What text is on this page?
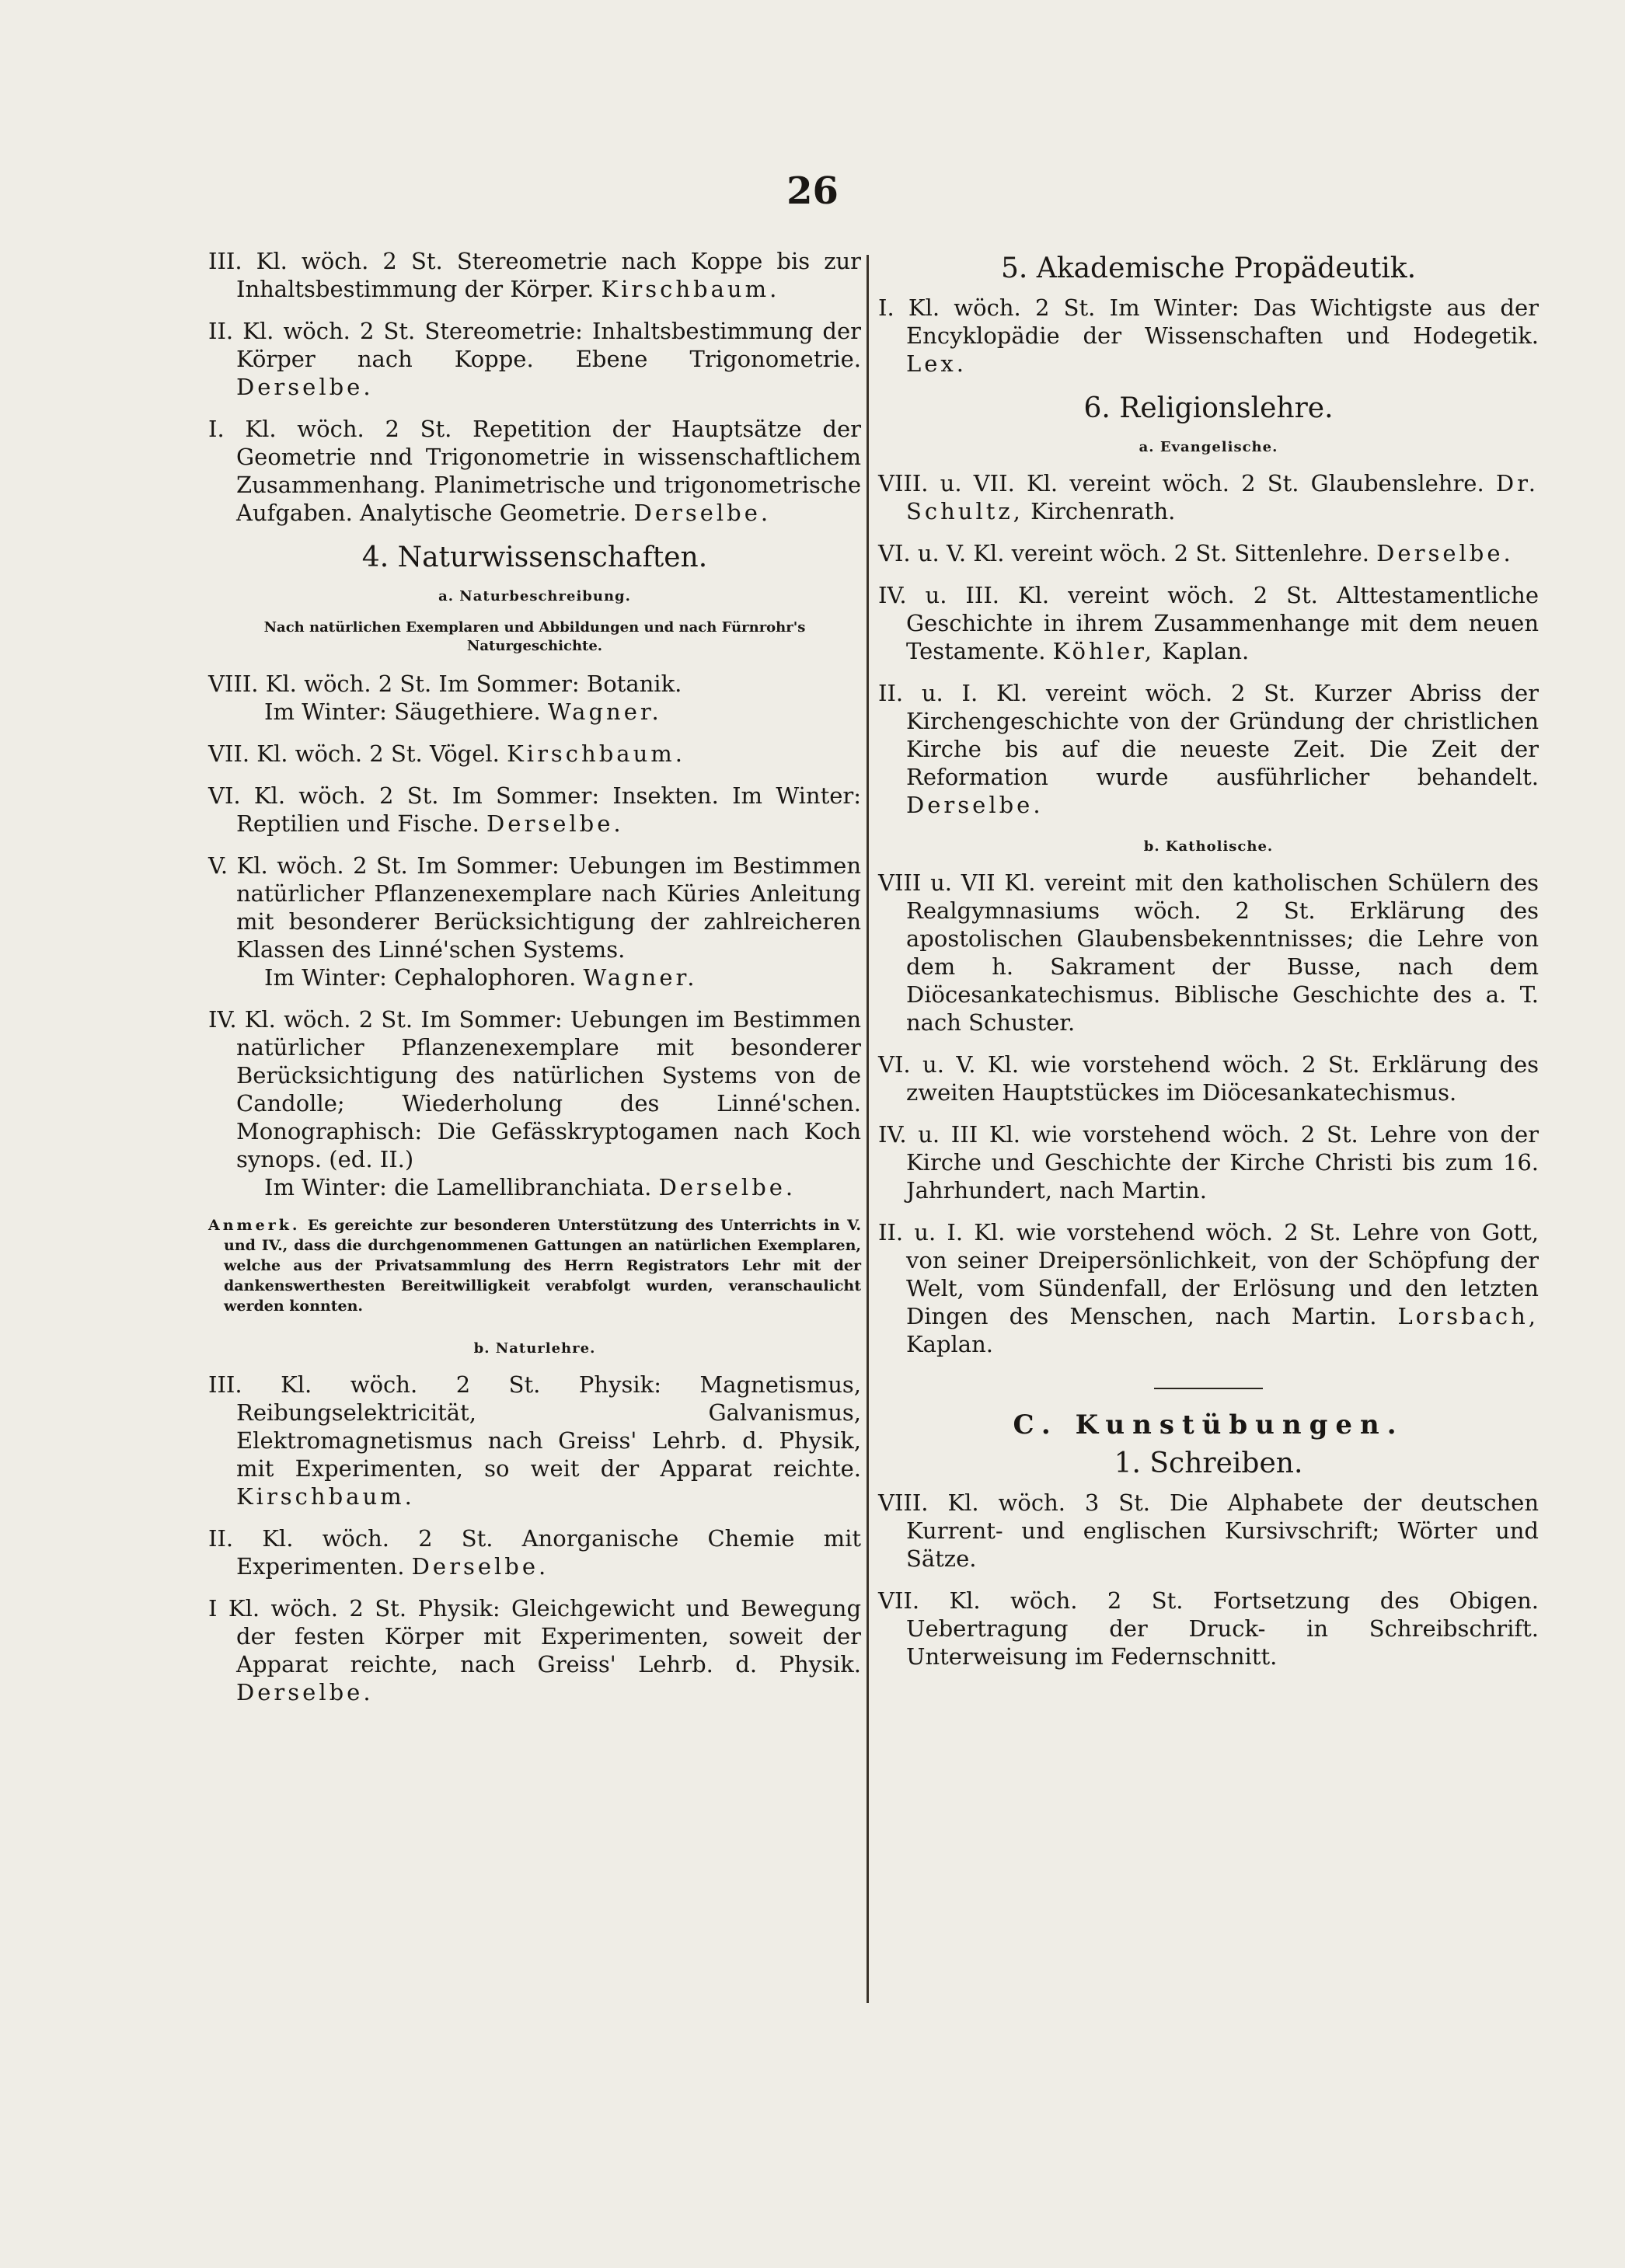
26

III. Kl. wöch. 2 St. Stereometrie nach Koppe bis zur Inhaltsbestimmung der Körper. Kirschbaum.

II. Kl. wöch. 2 St. Stereometrie: Inhaltsbestimmung der Körper nach Koppe. Ebene Trigonometrie. Derselbe.

I. Kl. wöch. 2 St. Repetition der Hauptsätze der Geometrie nnd Trigonometrie in wissenschaftlichem Zusammenhang. Planimetrische und trigonometrische Aufgaben. Analytische Geometrie. Derselbe.

4. Naturwissenschaften.
a. Naturbeschreibung.
Nach natürlichen Exemplaren und Abbildungen und nach Fürnrohr's Naturgeschichte.

VIII. Kl. wöch. 2 St. Im Sommer: Botanik.
Im Winter: Säugethiere. Wagner.

VII. Kl. wöch. 2 St. Vögel. Kirschbaum.

VI. Kl. wöch. 2 St. Im Sommer: Insekten. Im Winter: Reptilien und Fische. Derselbe.

V. Kl. wöch. 2 St. Im Sommer: Uebungen im Bestimmen natürlicher Pflanzenexemplare nach Küries Anleitung mit besonderer Berücksichtigung der zahlreicheren Klassen des Linné'schen Systems.
Im Winter: Cephalophoren. Wagner.

IV. Kl. wöch. 2 St. Im Sommer: Uebungen im Bestimmen natürlicher Pflanzenexemplare mit besonderer Berücksichtigung des natürlichen Systems von de Candolle; Wiederholung des Linné'schen. Monographisch: Die Gefässkryptogamen nach Koch synops. (ed. II.)
Im Winter: die Lamellibranchiata. Derselbe.

Anmerk. Es gereichte zur besonderen Unterstützung des Unterrichts in V. und IV., dass die durchgenommenen Gattungen an natürlichen Exemplaren, welche aus der Privatsammlung des Herrn Registrators Lehr mit der dankenswerthesten Bereitwilligkeit verabfolgt wurden, veranschaulicht werden konnten.

b. Naturlehre.

III. Kl. wöch. 2 St. Physik: Magnetismus, Reibungselektricität, Galvanismus, Elektromagnetismus nach Greiss' Lehrb. d. Physik, mit Experimenten, so weit der Apparat reichte. Kirschbaum.

II. Kl. wöch. 2 St. Anorganische Chemie mit Experimenten. Derselbe.

I Kl. wöch. 2 St. Physik: Gleichgewicht und Bewegung der festen Körper mit Experimenten, soweit der Apparat reichte, nach Greiss' Lehrb. d. Physik. Derselbe.

5. Akademische Propädeutik.

I. Kl. wöch. 2 St. Im Winter: Das Wichtigste aus der Encyklopädie der Wissenschaften und Hodegetik. Lex.

6. Religionslehre.
a. Evangelische.

VIII. u. VII. Kl. vereint wöch. 2 St. Glaubenslehre. Dr. Schultz, Kirchenrath.

VI. u. V. Kl. vereint wöch. 2 St. Sittenlehre. Derselbe.

IV. u. III. Kl. vereint wöch. 2 St. Alttestamentliche Geschichte in ihrem Zusammenhange mit dem neuen Testamente. Köhler, Kaplan.

II. u. I. Kl. vereint wöch. 2 St. Kurzer Abriss der Kirchengeschichte von der Gründung der christlichen Kirche bis auf die neueste Zeit. Die Zeit der Reformation wurde ausführlicher behandelt. Derselbe.

b. Katholische.

VIII u. VII Kl. vereint mit den katholischen Schülern des Realgymnasiums wöch. 2 St. Erklärung des apostolischen Glaubensbekenntnisses; die Lehre von dem h. Sakrament der Busse, nach dem Diöcesankatechismus. Biblische Geschichte des a. T. nach Schuster.

VI. u. V. Kl. wie vorstehend wöch. 2 St. Erklärung des zweiten Hauptstückes im Diöcesankatechismus.

IV. u. III Kl. wie vorstehend wöch. 2 St. Lehre von der Kirche und Geschichte der Kirche Christi bis zum 16. Jahrhundert, nach Martin.

II. u. I. Kl. wie vorstehend wöch. 2 St. Lehre von Gott, von seiner Dreipersönlichkeit, von der Schöpfung der Welt, vom Sündenfall, der Erlösung und den letzten Dingen des Menschen, nach Martin. Lorsbach, Kaplan.

C. Kunstübungen.
1. Schreiben.

VIII. Kl. wöch. 3 St. Die Alphabete der deutschen Kurrent- und englischen Kursivschrift; Wörter und Sätze.

VII. Kl. wöch. 2 St. Fortsetzung des Obigen. Uebertragung der Druck- in Schreibschrift. Unterweisung im Federnschnitt.
